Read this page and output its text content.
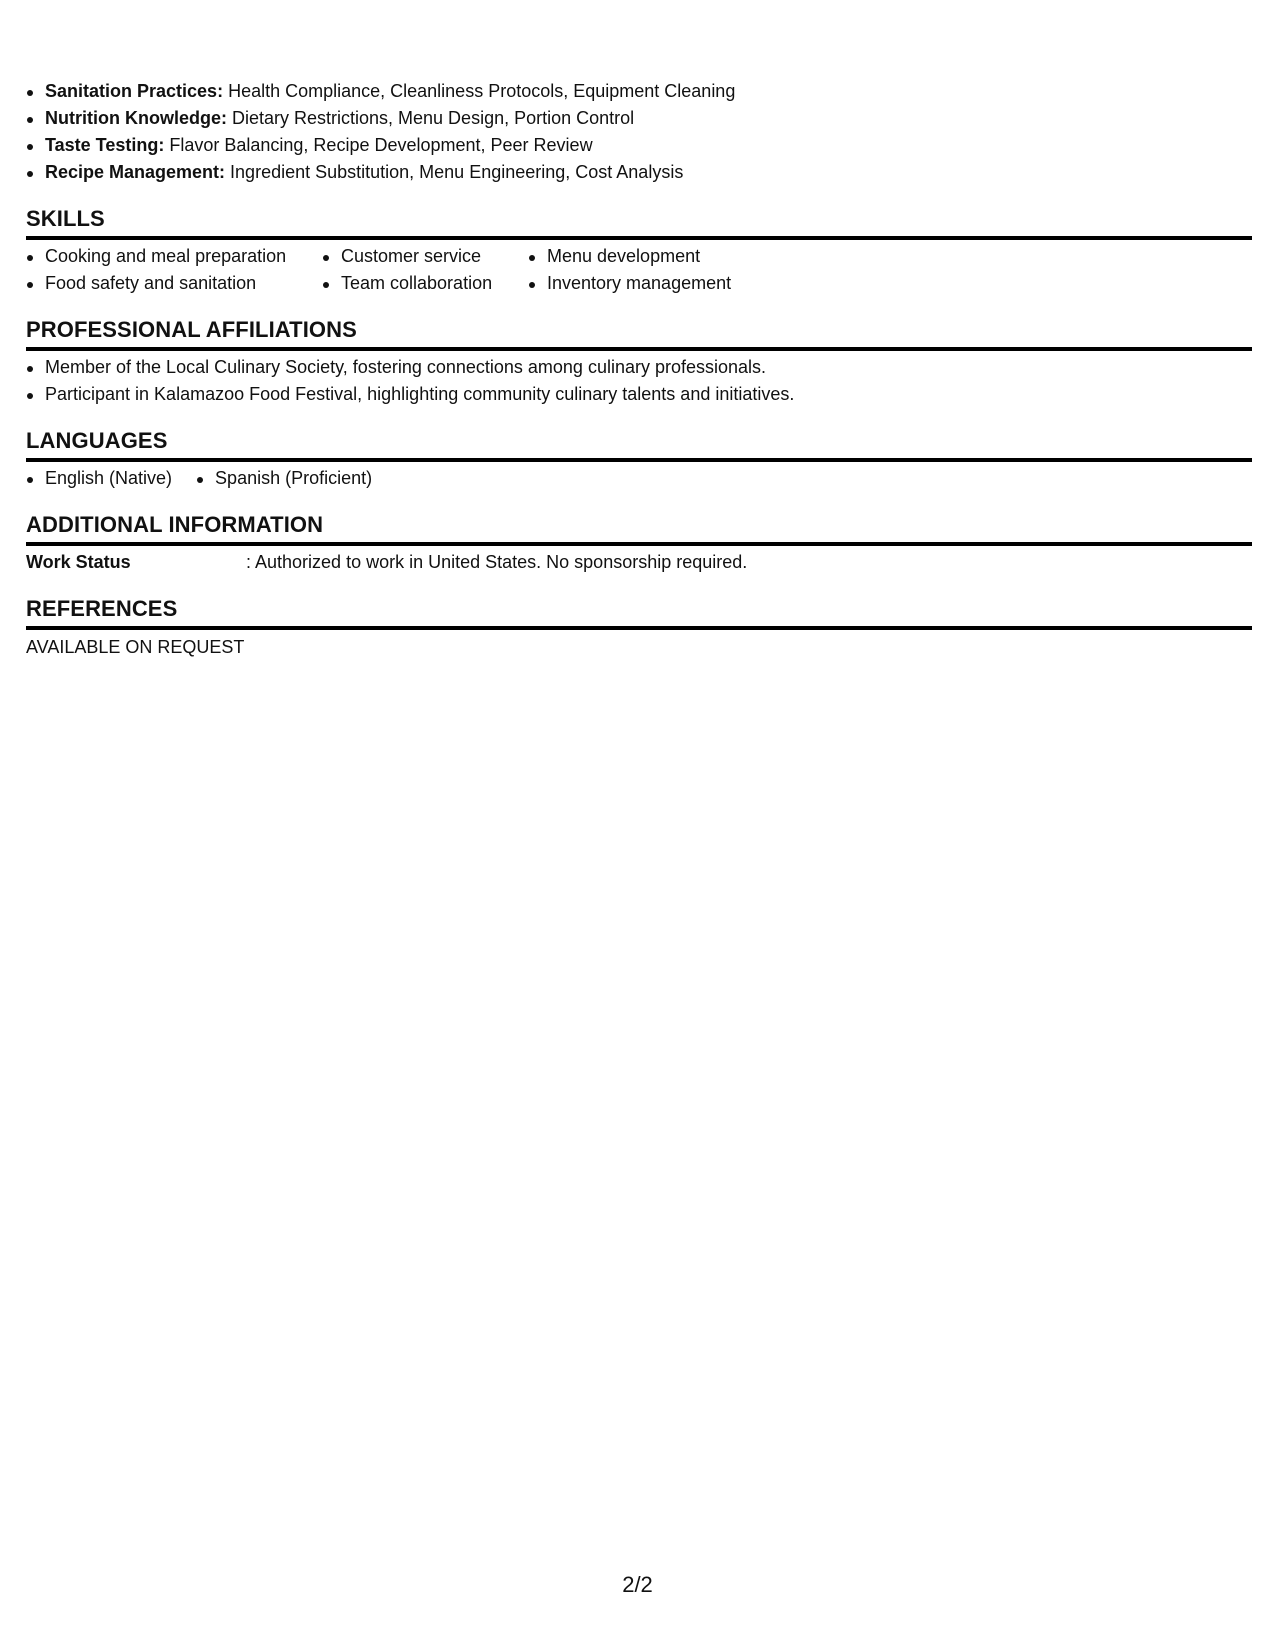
Sanitation Practices: Health Compliance, Cleanliness Protocols, Equipment Cleaning
Nutrition Knowledge: Dietary Restrictions, Menu Design, Portion Control
Taste Testing: Flavor Balancing, Recipe Development, Peer Review
Recipe Management: Ingredient Substitution, Menu Engineering, Cost Analysis
SKILLS
Cooking and meal preparation
Food safety and sanitation
Customer service
Team collaboration
Menu development
Inventory management
PROFESSIONAL AFFILIATIONS
Member of the Local Culinary Society, fostering connections among culinary professionals.
Participant in Kalamazoo Food Festival, highlighting community culinary talents and initiatives.
LANGUAGES
English (Native)	Spanish (Proficient)
ADDITIONAL INFORMATION
Work Status	: Authorized to work in United States. No sponsorship required.
REFERENCES
AVAILABLE ON REQUEST
2/2
